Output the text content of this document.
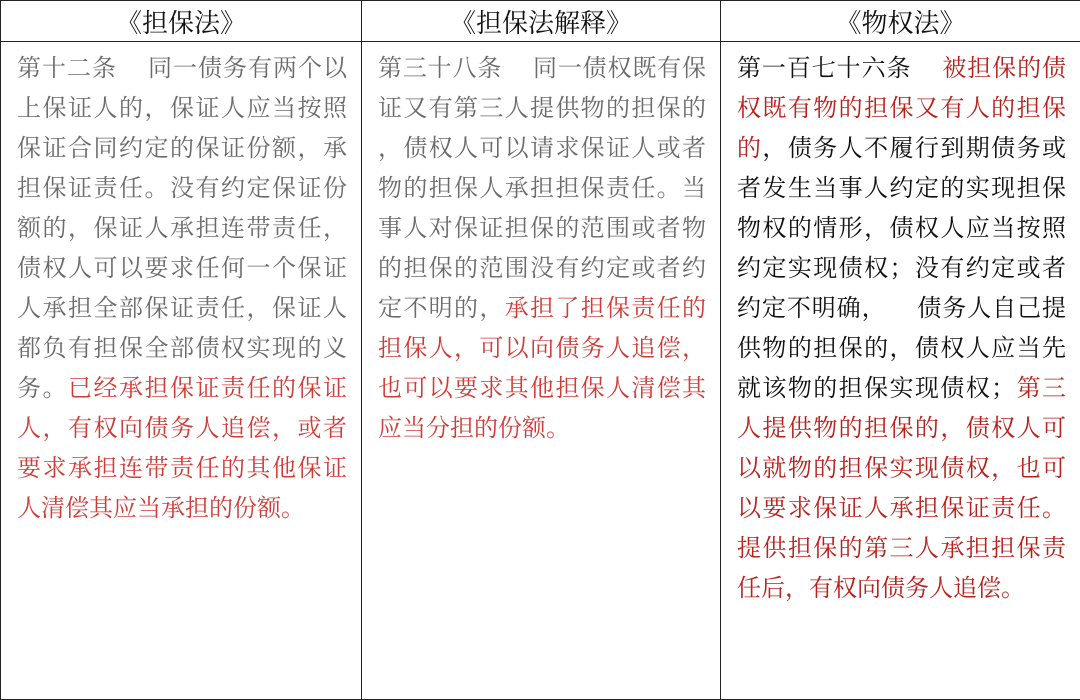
《担保法》	《担保法解释》	《物权法》
第十二条 同一债务有两个以上保证人的，保证人应当按照保证合同约定的保证份额，承担保证责任。没有约定保证份额的，保证人承担连带责任，债权人可以要求任何一个保证人承担全部保证责任，保证人都负有担保全部债权实现的义务。已经承担保证责任的保证人，有权向债务人追偿，或者要求承担连带责任的其他保证人清偿其应当承担的份额。	第三十八条 同一债权既有保证又有第三人提供物的担保的 ，债权人可以请求保证人或者物的担保人承担担保责任。当事人对保证担保的范围或者物的担保的范围没有约定或者约定不明的，承担了担保责任的担保人，可以向债务人追偿，也可以要求其他担保人清偿其应当分担的份额。	第一百七十六条 被担保的债权既有物的担保又有人的担保的，债务人不履行到期债务或者发生当事人约定的实现担保物权的情形，债权人应当按照约定实现债权；没有约定或者约定不明确， 债务人自己提供物的担保的，债权人应当先就该物的担保实现债权；第三人提供物的担保的，债权人可以就物的担保实现债权，也可以要求保证人承担保证责任。提供担保的第三人承担担保责任后，有权向债务人追偿。
